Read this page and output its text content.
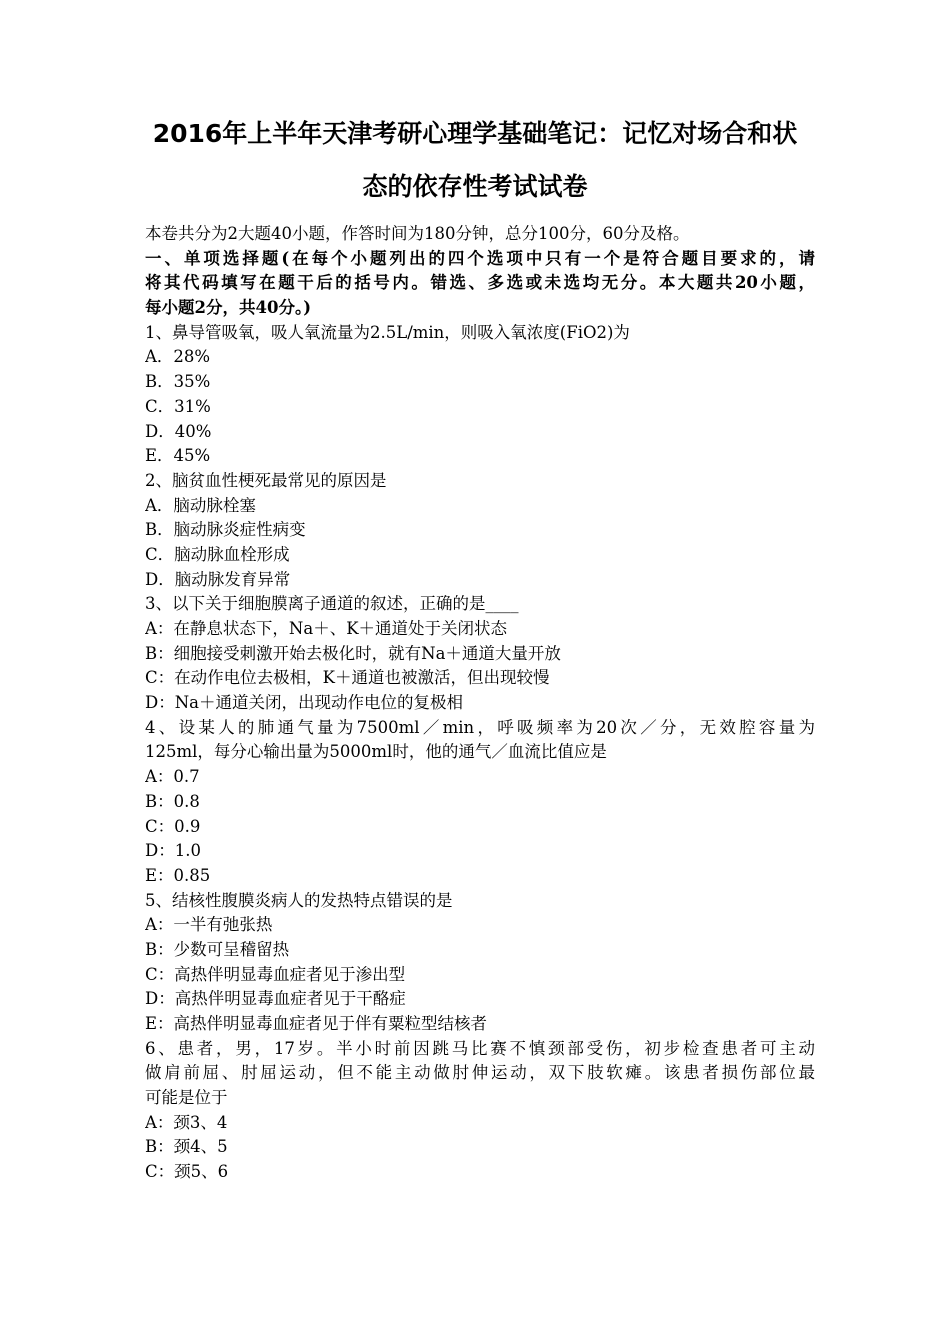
2016年上半年天津考研心理学基础笔记：记忆对场合和状
态的依存性考试试卷
本卷共分为2大题40小题，作答时间为180分钟，总分100分，60分及格。
一、单项选择题(在每个小题列出的四个选项中只有一个是符合题目要求的，请
将其代码填写在题干后的括号内。错选、多选或未选均无分。本大题共20小题，
每小题2分，共40分。)
1、鼻导管吸氧，吸人氧流量为2.5L/min，则吸入氧浓度(FiO2)为
A．28%
B．35%
C．31%
D．40%
E．45%
2、脑贫血性梗死最常见的原因是
A．脑动脉栓塞
B．脑动脉炎症性病变
C．脑动脉血栓形成
D．脑动脉发育异常
3、以下关于细胞膜离子通道的叙述，正确的是____
A：在静息状态下，Na＋、K＋通道处于关闭状态
B：细胞接受刺激开始去极化时，就有Na＋通道大量开放
C：在动作电位去极相，K＋通道也被激活，但出现较慢
D：Na＋通道关闭，出现动作电位的复极相
4、设某人的肺通气量为7500ml／min，呼吸频率为20次／分，无效腔容量为
125ml，每分心输出量为5000ml时，他的通气／血流比值应是
A：0.7
B：0.8
C：0.9
D：1.0
E：0.85
5、结核性腹膜炎病人的发热特点错误的是
A：一半有弛张热
B：少数可呈稽留热
C：高热伴明显毒血症者见于渗出型
D：高热伴明显毒血症者见于干酪症
E：高热伴明显毒血症者见于伴有粟粒型结核者
6、患者，男，17岁。半小时前因跳马比赛不慎颈部受伤，初步检查患者可主动
做肩前屈、肘屈运动，但不能主动做肘伸运动，双下肢软瘫。该患者损伤部位最
可能是位于
A：颈3、4
B：颈4、5
C：颈5、6
